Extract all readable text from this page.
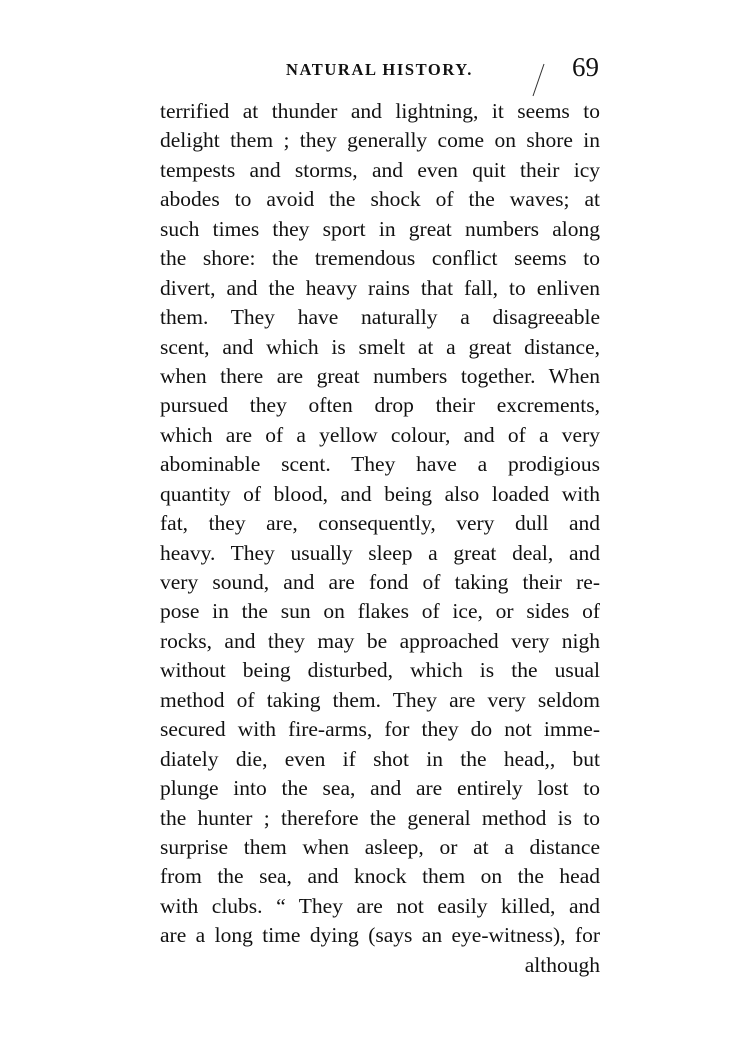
NATURAL HISTORY.	69
terrified at thunder and lightning, it seems to
delight them ; they generally come on shore in
tempests and storms, and even quit their icy
abodes to avoid the shock of the waves; at
such times they sport in great numbers along
the shore: the tremendous conflict seems to
divert, and the heavy rains that fall, to enliven
them. They have naturally a disagreeable
scent, and which is smelt at a great distance,
when there are great numbers together. When
pursued they often drop their excrements,
which are of a yellow colour, and of a very
abominable scent. They have a prodigious
quantity of blood, and being also loaded with
fat, they are, consequently, very dull and
heavy. They usually sleep a great deal, and
very sound, and are fond of taking their re-
pose in the sun on flakes of ice, or sides of
rocks, and they may be approached very nigh
without being disturbed, which is the usual
method of taking them. They are very seldom
secured with fire-arms, for they do not imme-
diately die, even if shot in the head,, but
plunge into the sea, and are entirely lost to
the hunter ; therefore the general method is to
surprise them when asleep, or at a distance
from the sea, and knock them on the head
with clubs. “ They are not easily killed, and
are a long time dying (says an eye-witness), for
although
